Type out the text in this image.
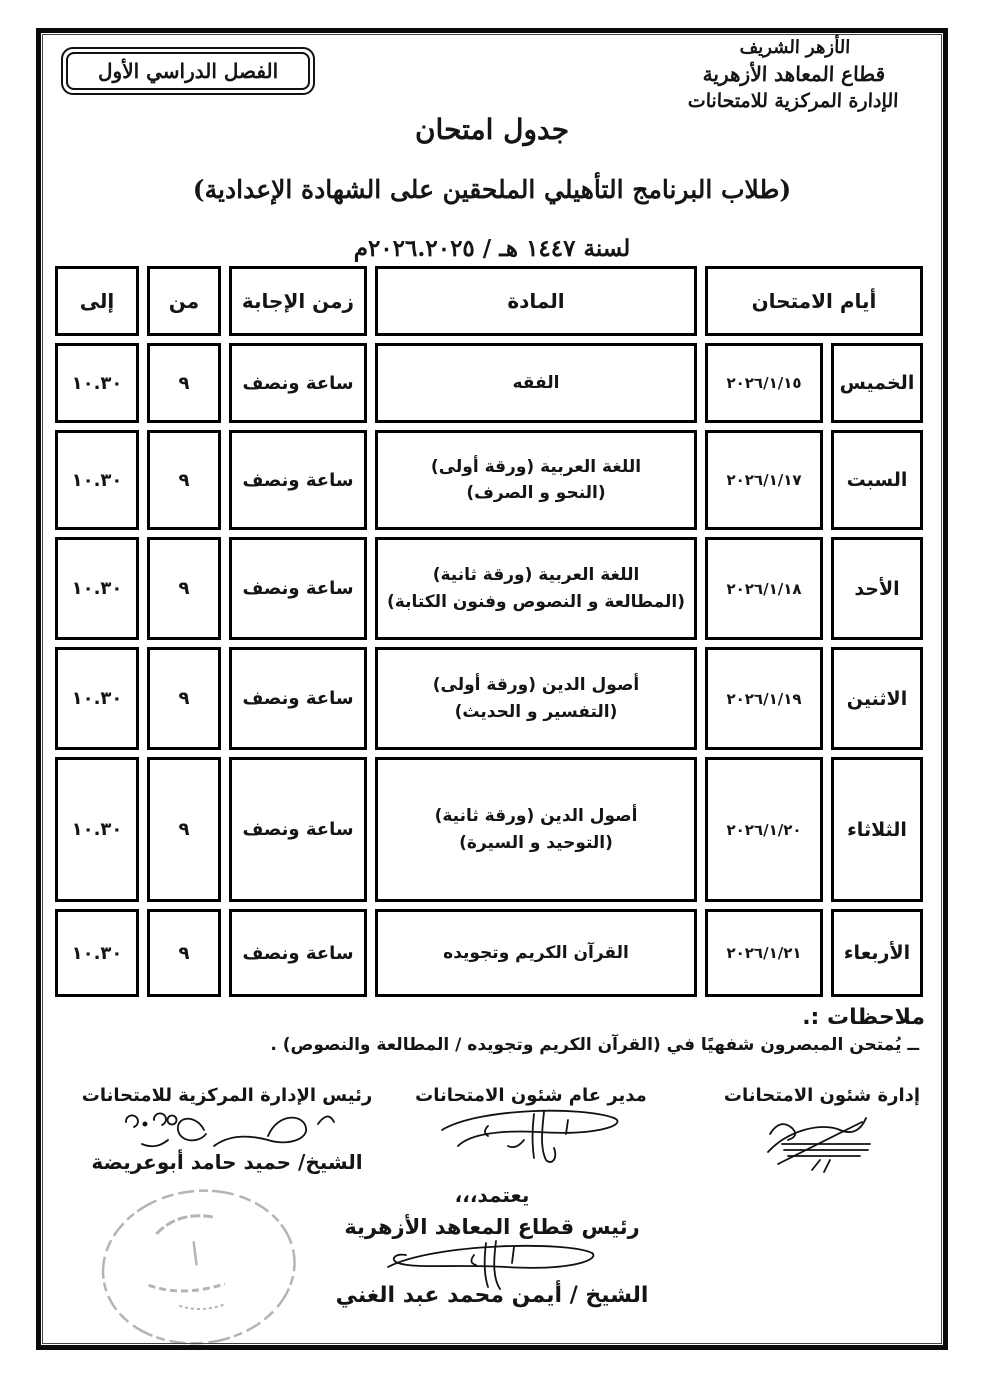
الفصل الدراسي الأول
الأزهر الشريف
قطاع المعاهد الأزهرية
الإدارة المركزية للامتحانات
جدول امتحان
(طلاب البرنامج التأهيلي الملحقين على الشهادة الإعدادية)
لسنة ١٤٤٧ هـ / ٢٠٢٦.٢٠٢٥م
أيام الامتحان		المادة	زمن الإجابة	من	إلى
الخميس	٢٠٢٦/١/١٥	الفقه	ساعة ونصف	٩	١٠.٣٠
السبت	٢٠٢٦/١/١٧	اللغة العربية (ورقة أولى)
(النحو و الصرف)	ساعة ونصف	٩	١٠.٣٠
الأحد	٢٠٢٦/١/١٨	اللغة العربية (ورقة ثانية)
(المطالعة و النصوص وفنون الكتابة)	ساعة ونصف	٩	١٠.٣٠
الاثنين	٢٠٢٦/١/١٩	أصول الدين (ورقة أولى)
(التفسير و الحديث)	ساعة ونصف	٩	١٠.٣٠
الثلاثاء	٢٠٢٦/١/٢٠	أصول الدين (ورقة ثانية)
(التوحيد و السيرة)	ساعة ونصف	٩	١٠.٣٠
الأربعاء	٢٠٢٦/١/٢١	القرآن الكريم وتجويده	ساعة ونصف	٩	١٠.٣٠
ملاحظات :.
ــ يُمتحن المبصرون شفهيًا في (القرآن الكريم وتجويده / المطالعة والنصوص) .
إدارة شئون الامتحانات
مدير عام شئون الامتحانات
رئيس الإدارة المركزية للامتحانات
الشيخ/ حميد حامد أبوعريضة
يعتمد،،،
رئيس قطاع المعاهد الأزهرية
الشيخ / أيمن محمد عبد الغني
